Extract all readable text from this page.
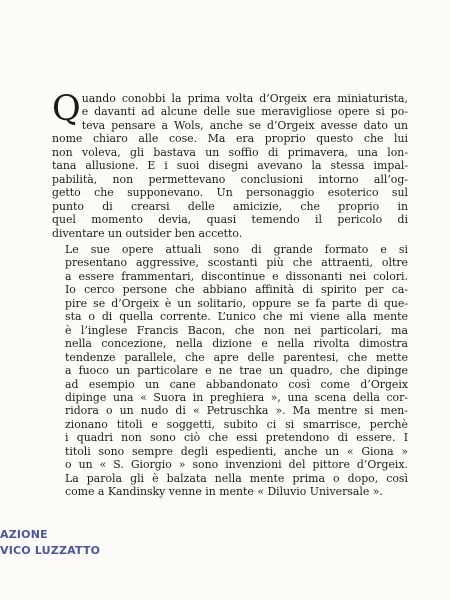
Q uando conobbi la prima volta d’Orgeix era miniaturista,
e davanti ad alcune delle sue meravigliose opere si po-
teva pensare a Wols, anche se d’Orgeix avesse dato un
nome chiaro alle cose. Ma era proprio questo che lui
non voleva, gli bastava un soffio di primavera, una lon-
tana allusione. E i suoi disegni avevano la stessa impal-
pabilità, non permettevano conclusioni intorno all’og-
getto che supponevano. Un personaggio esoterico sul
punto di crearsi delle amicizie, che proprio in
quel momento devia, quasi temendo il pericolo di
diventare un outsider ben accetto.

Le sue opere attuali sono di grande formato e si
presentano aggressive, scostanti più che attraenti, oltre
a essere frammentari, discontinue e dissonanti nei colori.
Io cerco persone che abbiano affinità di spirito per ca-
pire se d’Orgeix è un solitario, oppure se fa parte di que-
sta o di quella corrente. L’unico che mi viene alla mente
è l’inglese Francis Bacon, che non nei particolari, ma
nella concezione, nella dizione e nella rivolta dimostra
tendenze parallele, che apre delle parentesi, che mette
a fuoco un particolare e ne trae un quadro, che dipinge
ad esempio un cane abbandonato così come d’Orgeix
dipinge una « Suora in preghiera », una scena della cor-
ridora o un nudo di « Petruschka ». Ma mentre si men-
zionano titoli e soggetti, subito ci si smarrisce, perchè
i quadri non sono ciò che essi pretendono di essere. I
titoli sono sempre degli espedienti, anche un « Giona »
o un « S. Giorgio » sono invenzioni del pittore d’Orgeix.
La parola gli è balzata nella mente prima o dopo, così
come a Kandinsky venne in mente « Diluvio Universale ».

AZIONE
VICO LUZZATTO
